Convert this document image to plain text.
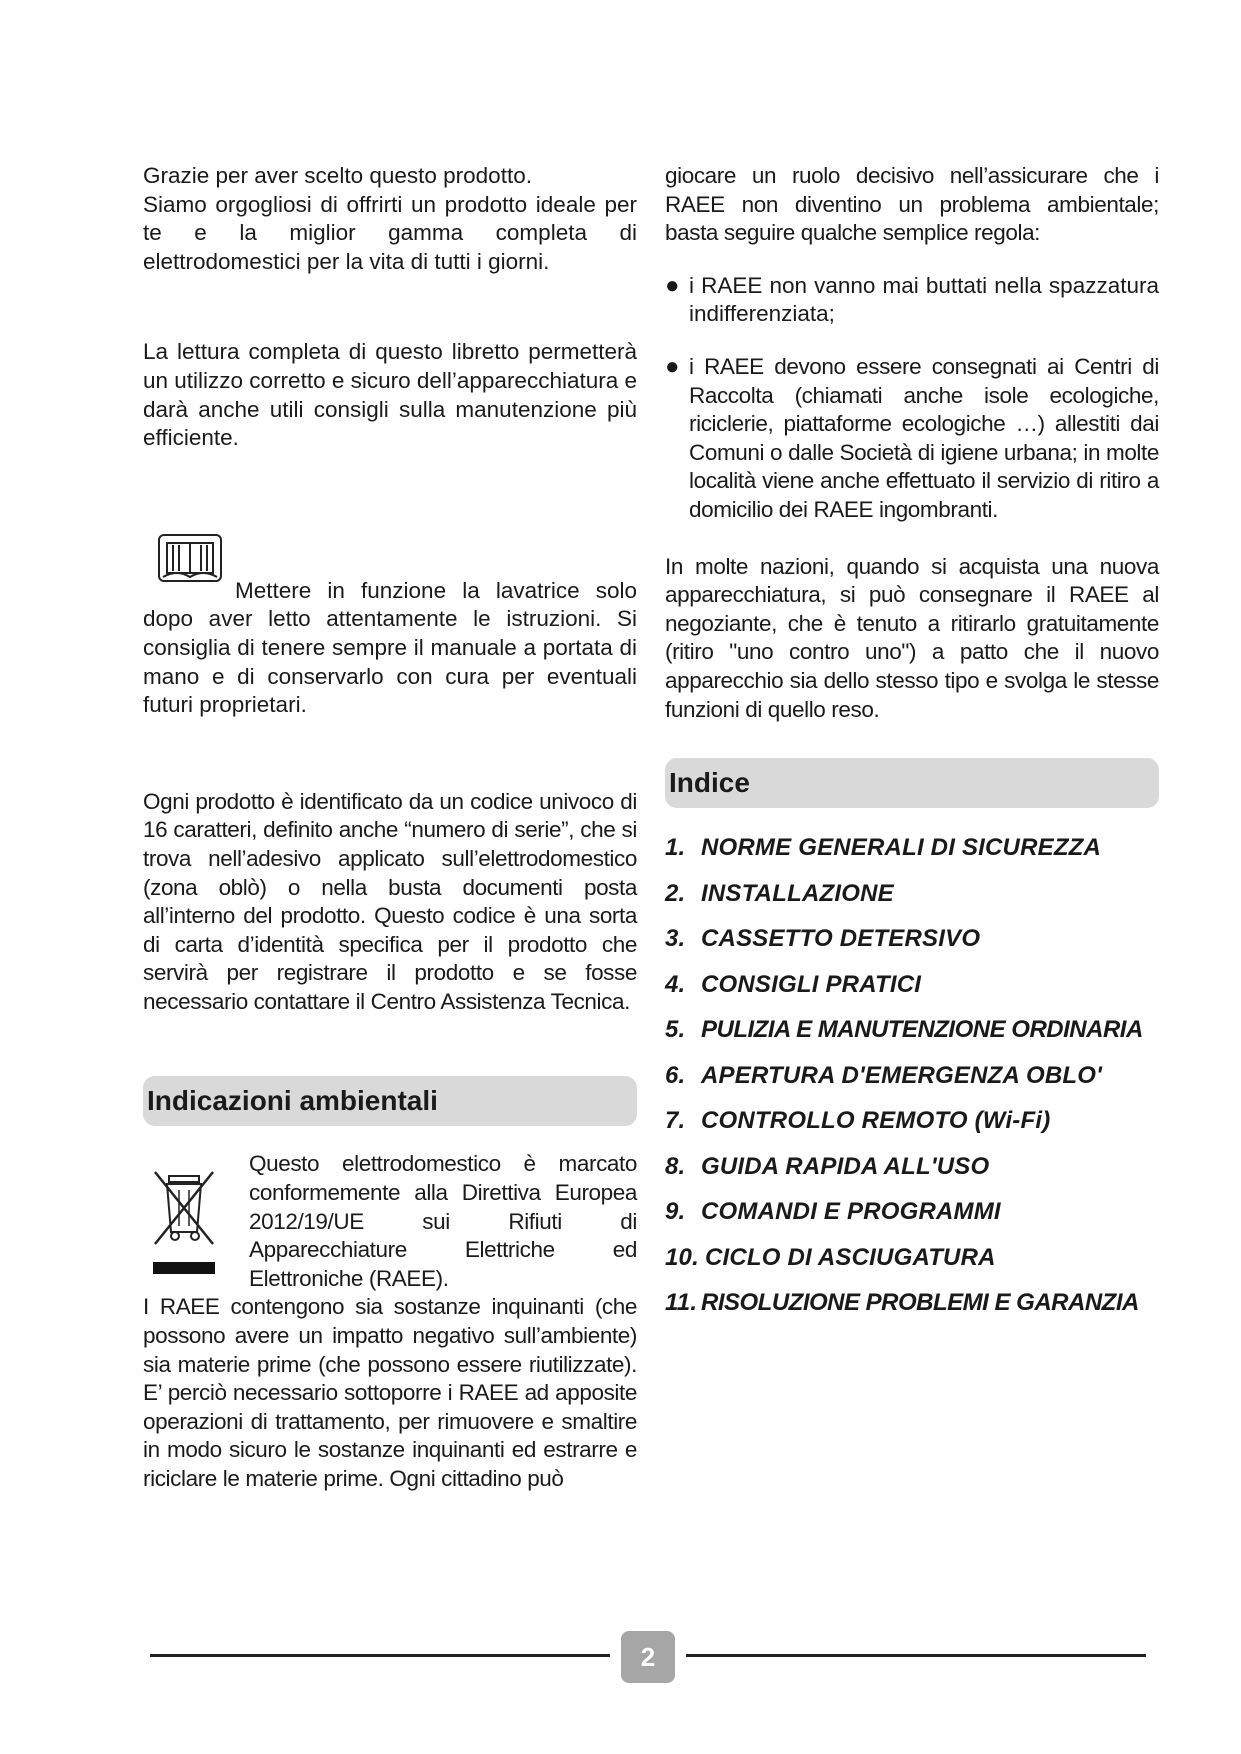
Grazie per aver scelto questo prodotto.

Siamo orgogliosi di offrirti un prodotto ideale per te e la miglior gamma completa di elettrodomestici per la vita di tutti i giorni.

La lettura completa di questo libretto permetterà un utilizzo corretto e sicuro dell’apparecchiatura e darà anche utili consigli sulla manutenzione più efficiente.

Mettere in funzione la lavatrice solo dopo aver letto attentamente le istruzioni. Si consiglia di tenere sempre il manuale a portata di mano e di conservarlo con cura per eventuali futuri proprietari.

Ogni prodotto è identificato da un codice univoco di 16 caratteri, definito anche “numero di serie”, che si trova nell’adesivo applicato sull’elettrodomestico (zona oblò) o nella busta documenti posta all’interno del prodotto. Questo codice è una sorta di carta d’identità specifica per il prodotto che servirà per registrare il prodotto e se fosse necessario contattare il Centro Assistenza Tecnica.

Indicazioni ambientali

Questo elettrodomestico è marcato conformemente alla Direttiva Europea 2012/19/UE sui Rifiuti di Apparecchiature Elettriche ed Elettroniche (RAEE).

I RAEE contengono sia sostanze inquinanti (che possono avere un impatto negativo sull’ambiente) sia materie prime (che possono essere riutilizzate). E’ perciò necessario sottoporre i RAEE ad apposite operazioni di trattamento, per rimuovere e smaltire in modo sicuro le sostanze inquinanti ed estrarre e riciclare le materie prime. Ogni cittadino può

giocare un ruolo decisivo nell’assicurare che i RAEE non diventino un problema ambientale; basta seguire qualche semplice regola:

● i RAEE non vanno mai buttati nella spazzatura indifferenziata;

● i RAEE devono essere consegnati ai Centri di Raccolta (chiamati anche isole ecologiche, riciclerie, piattaforme ecologiche …) allestiti dai Comuni o dalle Società di igiene urbana; in molte località viene anche effettuato il servizio di ritiro a domicilio dei RAEE ingombranti.

In molte nazioni, quando si acquista una nuova apparecchiatura, si può consegnare il RAEE al negoziante, che è tenuto a ritirarlo gratuitamente (ritiro "uno contro uno") a patto che il nuovo apparecchio sia dello stesso tipo e svolga le stesse funzioni di quello reso.

Indice
1. NORME GENERALI DI SICUREZZA
2. INSTALLAZIONE
3. CASSETTO DETERSIVO
4. CONSIGLI PRATICI
5. PULIZIA E MANUTENZIONE ORDINARIA
6. APERTURA D'EMERGENZA OBLO'
7. CONTROLLO REMOTO (Wi-Fi)
8. GUIDA RAPIDA ALL'USO
9. COMANDI E PROGRAMMI
10. CICLO DI ASCIUGATURA
11. RISOLUZIONE PROBLEMI E GARANZIA
2
